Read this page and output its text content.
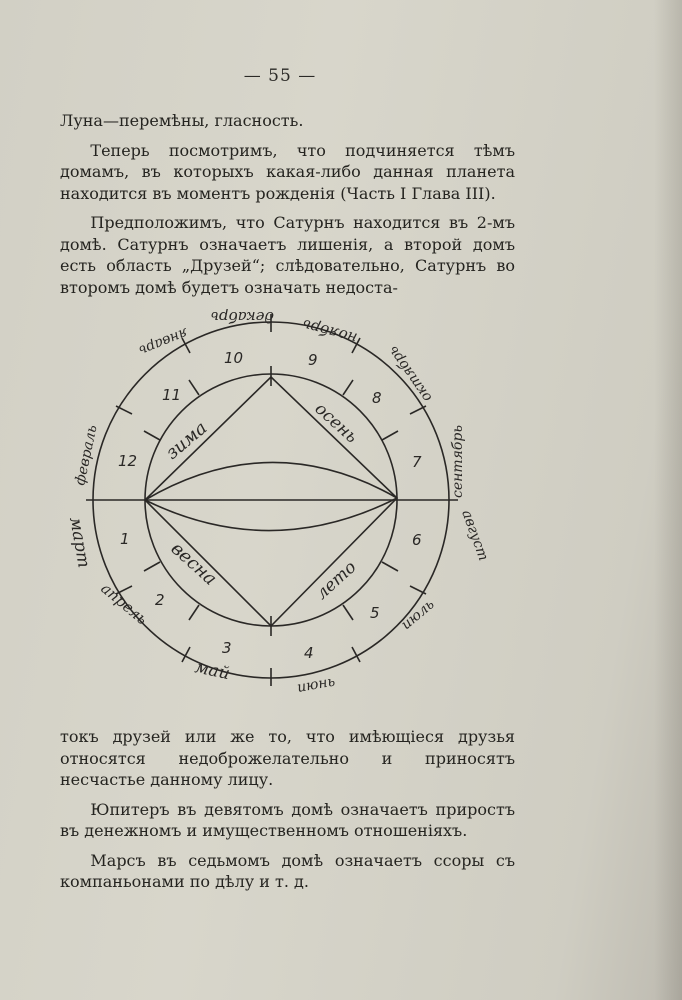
— 55 —

Луна—перемѣны, гласность.

Теперь посмотримъ, что подчиняется тѣмъ домамъ, въ которыхъ какая-либо данная планета находится въ моментъ рожденія (Часть I Глава III).

Предположимъ, что Сатурнъ находится въ 2-мъ домѣ. Сатурнъ означаетъ лишенія, а второй домъ есть область „Друзей“; слѣдовательно, Сатурнъ во второмъ домѣ будетъ означать недоста-

1
2
3	4
5
6
7
8
9
10
11
12 зима	осень
весна	лето
декабрь ноябрь
октябрь
сентябрь
август
июль
июнь
май
апрель
март
февраль
январь

токъ друзей или же то, что имѣющіеся друзья относятся недоброжелательно и приносятъ несчастье данному лицу.

Юпитеръ въ девятомъ домѣ означаетъ приростъ въ денежномъ и имущественномъ отношеніяхъ.

Марсъ въ седьмомъ домѣ означаетъ ссоры съ компаньонами по дѣлу и т. д.
